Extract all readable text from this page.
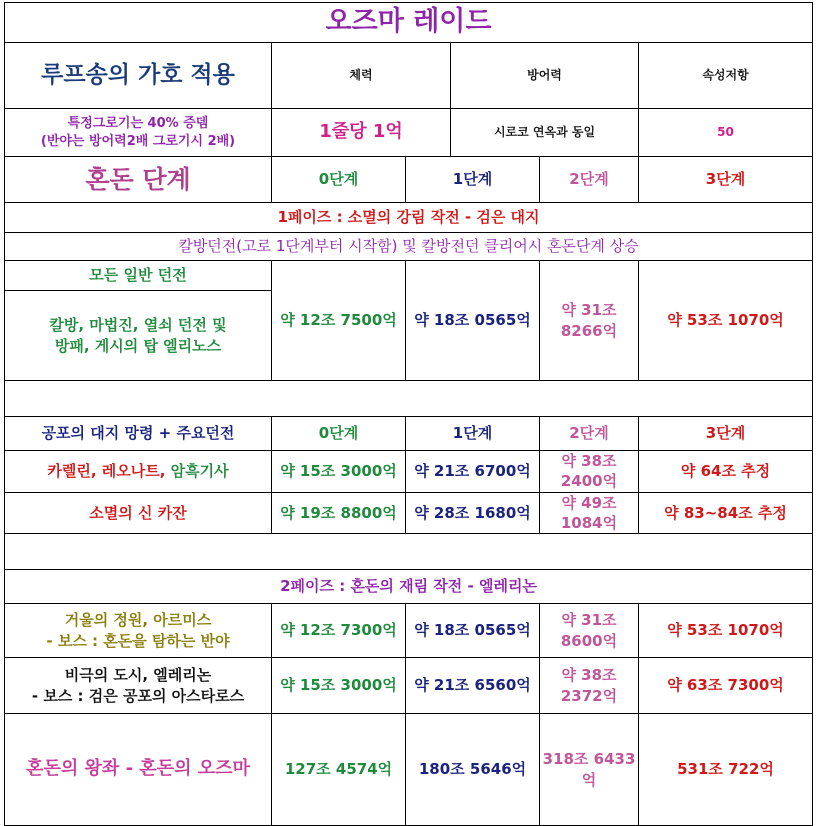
오즈마 레이드					
루프송의 가호 적용	체력		방어력		속성저항

특정그로기는 40% 증뎀
(반야는 방어력2배 그로기시 2배)	1줄당 1억		시로코 연옥과 동일		50
혼돈 단계	0단계	1단계		2단계	3단계
1페이즈 : 소멸의 강림 작전 - 검은 대지					
칼방던전(고로 1단계부터 시작함) 및 칼방전던 클리어시 혼돈단계 상승					
모든 일반 던전	약 12조 7500억	약 18조 0565억		약 31조 8266억	약 53조 1070억

칼방, 마법진, 열쇠 던전 및
방패, 게시의 탑 엘리노스					

공포의 대지 망령 + 주요던전	0단계	1단계		2단계	3단계
카렐린, 레오나트, 암흑기사	약 15조 3000억	약 21조 6700억		약 38조 2400억	약 64조 추정
소멸의 신 카잔	약 19조 8800억	약 28조 1680억		약 49조 1084억	약 83~84조 추정

2페이즈 : 혼돈의 재림 작전 - 엘레리논					

거울의 정원, 아르미스
- 보스 : 혼돈을 탐하는 반야	약 12조 7300억	약 18조 0565억		약 31조 8600억	약 53조 1070억

비극의 도시, 엘레리논
- 보스 : 검은 공포의 아스타로스	약 15조 3000억	약 21조 6560억		약 38조 2372억	약 63조 7300억
혼돈의 왕좌 - 혼돈의 오즈마	127조 4574억	180조 5646억		318조 6433억	531조 722억
